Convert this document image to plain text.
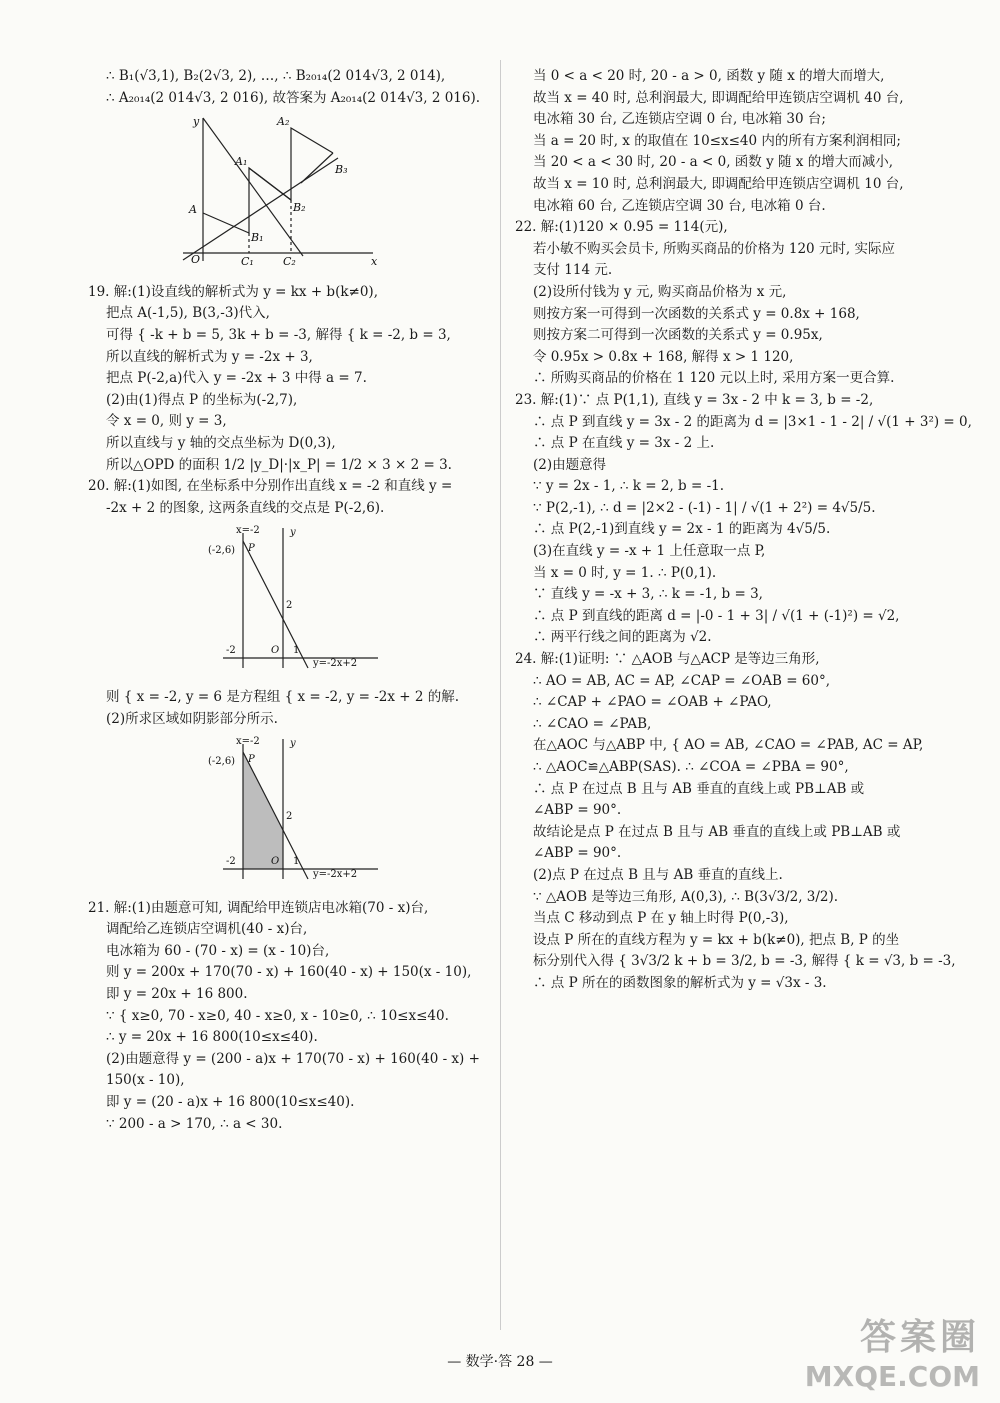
∴ B₁(√3,1), B₂(2√3, 2), …, ∴ B₂₀₁₄(2 014√3, 2 014),
∴ A₂₀₁₄(2 014√3, 2 016), 故答案为 A₂₀₁₄(2 014√3, 2 016).
y
x
O
A
A₁
A₂
B₁
B₂
B₃
C₁	C₂
19. 解:(1)设直线的解析式为 y = kx + b(k≠0),
把点 A(-1,5), B(3,-3)代入,
可得 { -k + b = 5, 3k + b = -3, 解得 { k = -2, b = 3,
所以直线的解析式为 y = -2x + 3,
把点 P(-2,a)代入 y = -2x + 3 中得 a = 7.
(2)由(1)得点 P 的坐标为(-2,7),
令 x = 0, 则 y = 3,
所以直线与 y 轴的交点坐标为 D(0,3),
所以△OPD 的面积 1/2 |y_D|·|x_P| = 1/2 × 3 × 2 = 3.
20. 解:(1)如图, 在坐标系中分别作出直线 x = -2 和直线 y =
-2x + 2 的图象, 这两条直线的交点是 P(-2,6).
x=-2
y=-2x+2
P
(-2,6)
2
-2	O 1
y
则 { x = -2, y = 6 是方程组 { x = -2, y = -2x + 2 的解.
(2)所求区域如阴影部分所示.
x=-2
y=-2x+2
P
(-2,6)
2
-2	O 1
y
21. 解:(1)由题意可知, 调配给甲连锁店电冰箱(70 - x)台,
调配给乙连锁店空调机(40 - x)台,
电冰箱为 60 - (70 - x) = (x - 10)台,
则 y = 200x + 170(70 - x) + 160(40 - x) + 150(x - 10),
即 y = 20x + 16 800.
∵ { x≥0, 70 - x≥0, 40 - x≥0, x - 10≥0, ∴ 10≤x≤40.
∴ y = 20x + 16 800(10≤x≤40).
(2)由题意得 y = (200 - a)x + 170(70 - x) + 160(40 - x) +
150(x - 10),
即 y = (20 - a)x + 16 800(10≤x≤40).
∵ 200 - a > 170, ∴ a < 30.
当 0 < a < 20 时, 20 - a > 0, 函数 y 随 x 的增大而增大,
故当 x = 40 时, 总利润最大, 即调配给甲连锁店空调机 40 台,
电冰箱 30 台, 乙连锁店空调 0 台, 电冰箱 30 台;
当 a = 20 时, x 的取值在 10≤x≤40 内的所有方案利润相同;
当 20 < a < 30 时, 20 - a < 0, 函数 y 随 x 的增大而减小,
故当 x = 10 时, 总利润最大, 即调配给甲连锁店空调机 10 台,
电冰箱 60 台, 乙连锁店空调 30 台, 电冰箱 0 台.
22. 解:(1)120 × 0.95 = 114(元),
若小敏不购买会员卡, 所购买商品的价格为 120 元时, 实际应
支付 114 元.
(2)设所付钱为 y 元, 购买商品价格为 x 元,
则按方案一可得到一次函数的关系式 y = 0.8x + 168,
则按方案二可得到一次函数的关系式 y = 0.95x,
令 0.95x > 0.8x + 168, 解得 x > 1 120,
∴ 所购买商品的价格在 1 120 元以上时, 采用方案一更合算.
23. 解:(1)∵ 点 P(1,1), 直线 y = 3x - 2 中 k = 3, b = -2,
∴ 点 P 到直线 y = 3x - 2 的距离为 d = |3×1 - 1 - 2| / √(1 + 3²) = 0,
∴ 点 P 在直线 y = 3x - 2 上.
(2)由题意得
∵ y = 2x - 1, ∴ k = 2, b = -1.
∵ P(2,-1), ∴ d = |2×2 - (-1) - 1| / √(1 + 2²) = 4√5/5.
∴ 点 P(2,-1)到直线 y = 2x - 1 的距离为 4√5/5.
(3)在直线 y = -x + 1 上任意取一点 P,
当 x = 0 时, y = 1. ∴ P(0,1).
∵ 直线 y = -x + 3, ∴ k = -1, b = 3,
∴ 点 P 到直线的距离 d = |-0 - 1 + 3| / √(1 + (-1)²) = √2,
∴ 两平行线之间的距离为 √2.
24. 解:(1)证明: ∵ △AOB 与△ACP 是等边三角形,
∴ AO = AB, AC = AP, ∠CAP = ∠OAB = 60°,
∴ ∠CAP + ∠PAO = ∠OAB + ∠PAO,
∴ ∠CAO = ∠PAB,
在△AOC 与△ABP 中, { AO = AB, ∠CAO = ∠PAB, AC = AP,
∴ △AOC≌△ABP(SAS). ∴ ∠COA = ∠PBA = 90°,
∴ 点 P 在过点 B 且与 AB 垂直的直线上或 PB⊥AB 或
∠ABP = 90°.
故结论是点 P 在过点 B 且与 AB 垂直的直线上或 PB⊥AB 或
∠ABP = 90°.
(2)点 P 在过点 B 且与 AB 垂直的直线上.
∵ △AOB 是等边三角形, A(0,3), ∴ B(3√3/2, 3/2).
当点 C 移动到点 P 在 y 轴上时得 P(0,-3),
设点 P 所在的直线方程为 y = kx + b(k≠0), 把点 B, P 的坐
标分别代入得 { 3√3/2 k + b = 3/2, b = -3, 解得 { k = √3, b = -3,
∴ 点 P 所在的函数图象的解析式为 y = √3x - 3.
— 数学·答 28 —
答案圈
MXQE.COM
